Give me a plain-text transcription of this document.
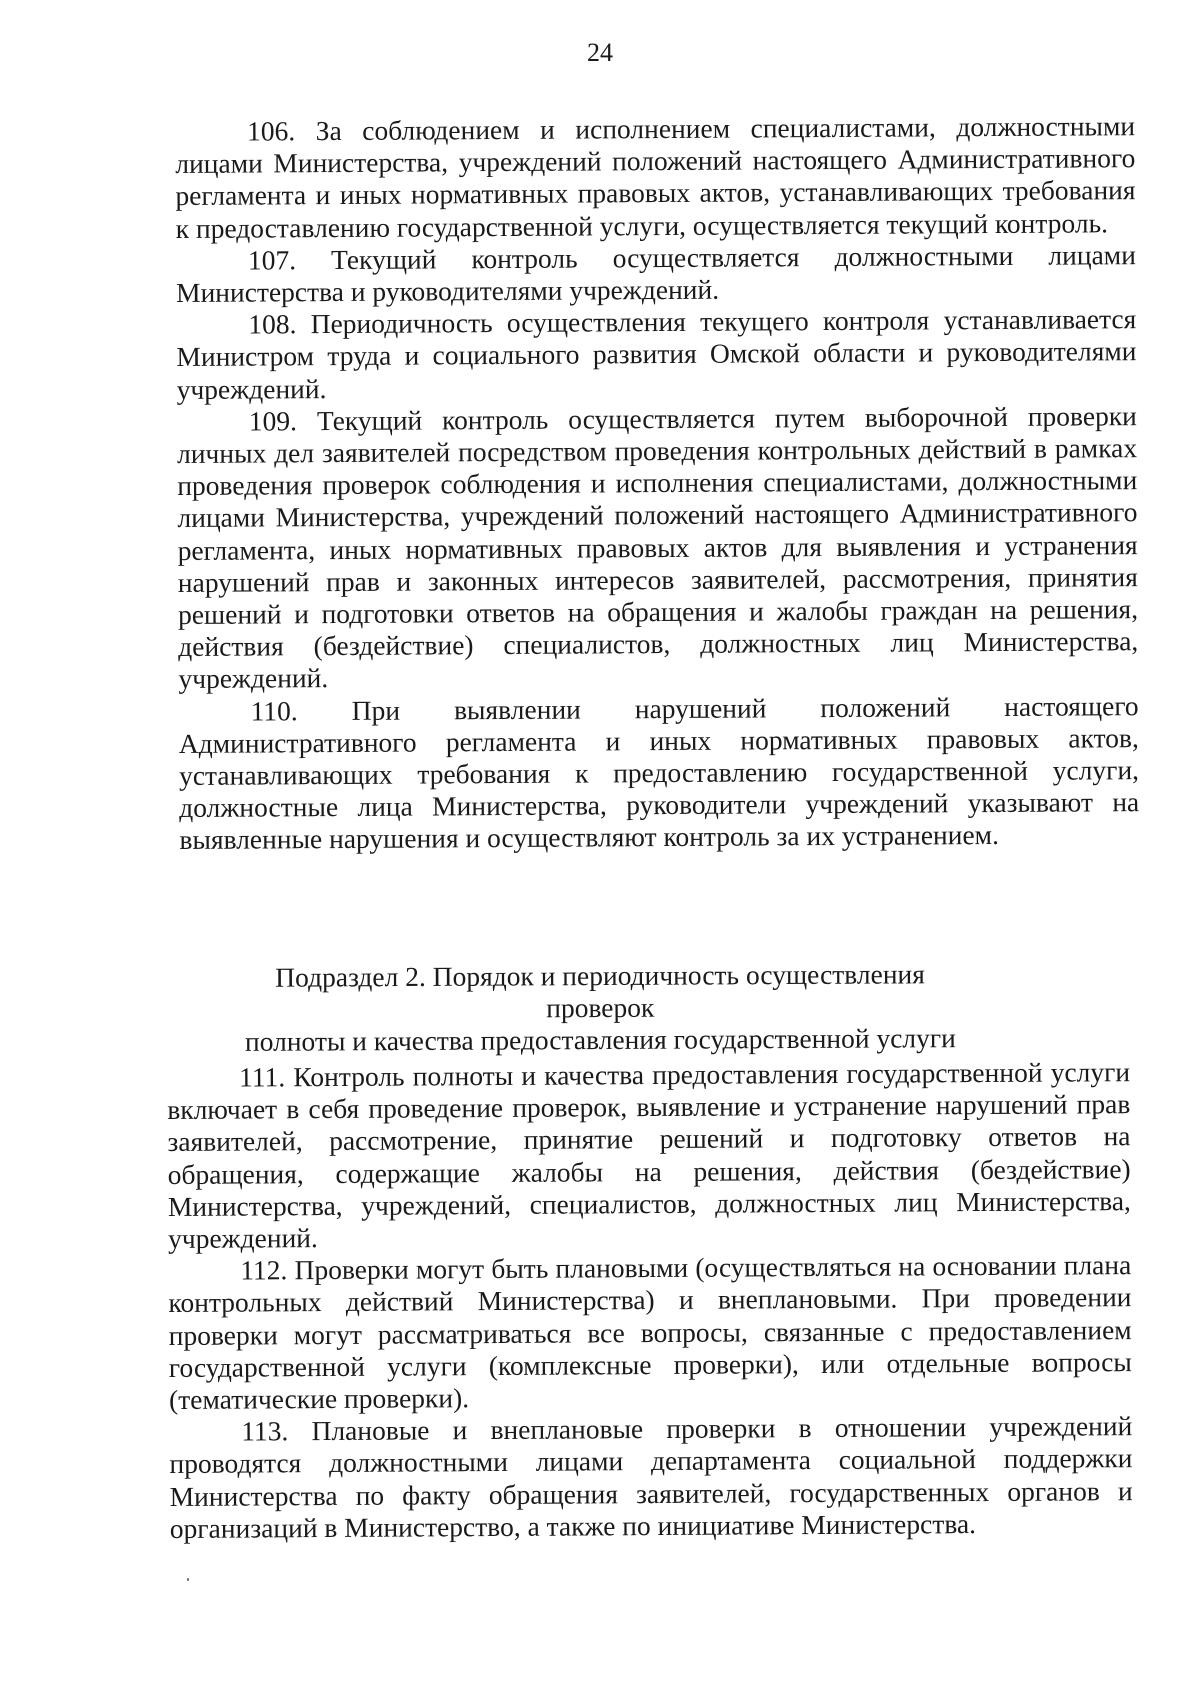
24

106. За соблюдением и исполнением специалистами, должностными лицами Министерства, учреждений положений настоящего Административного регламента и иных нормативных правовых актов, устанавливающих требования к предоставлению государственной услуги, осуществляется текущий контроль.

107. Текущий контроль осуществляется должностными лицами Министерства и руководителями учреждений.

108. Периодичность осуществления текущего контроля устанавливается Министром труда и социального развития Омской области и руководителями учреждений.

109. Текущий контроль осуществляется путем выборочной проверки личных дел заявителей посредством проведения контрольных действий в рамках проведения проверок соблюдения и исполнения специалистами, должностными лицами Министерства, учреждений положений настоящего Административного регламента, иных нормативных правовых актов для выявления и устранения нарушений прав и законных интересов заявителей, рассмотрения, принятия решений и подготовки ответов на обращения и жалобы граждан на решения, действия (бездействие) специалистов, должностных лиц Министерства, учреждений.

110. При выявлении нарушений положений настоящего Административного регламента и иных нормативных правовых актов, устанавливающих требования к предоставлению государственной услуги, должностные лица Министерства, руководители учреждений указывают на выявленные нарушения и осуществляют контроль за их устранением.

Подраздел 2. Порядок и периодичность осуществления проверок
полноты и качества предоставления государственной услуги

111. Контроль полноты и качества предоставления государственной услуги включает в себя проведение проверок, выявление и устранение нарушений прав заявителей, рассмотрение, принятие решений и подготовку ответов на обращения, содержащие жалобы на решения, действия (бездействие) Министерства, учреждений, специалистов, должностных лиц Министерства, учреждений.

112. Проверки могут быть плановыми (осуществляться на основании плана контрольных действий Министерства) и внеплановыми. При проведении проверки могут рассматриваться все вопросы, связанные с предоставлением государственной услуги (комплексные проверки), или отдельные вопросы (тематические проверки).

113. Плановые и внеплановые проверки в отношении учреждений проводятся должностными лицами департамента социальной поддержки Министерства по факту обращения заявителей, государственных органов и организаций в Министерство, а также по инициативе Министерства.
